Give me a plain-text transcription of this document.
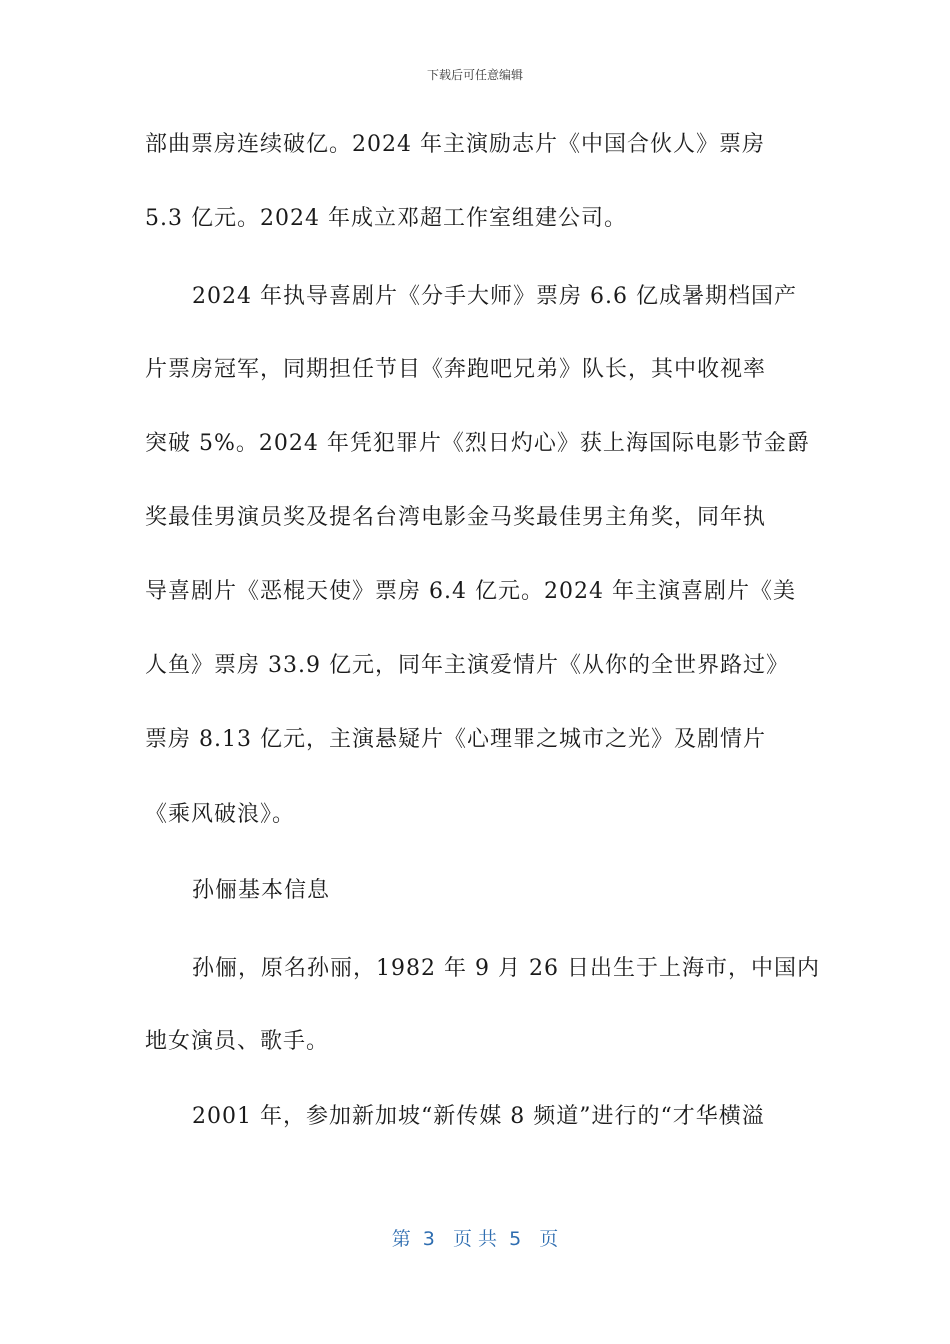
下载后可任意编辑
部曲票房连续破亿。2024 年主演励志片《中国合伙人》票房
5.3 亿元。2024 年成立邓超工作室组建公司。
2024 年执导喜剧片《分手大师》票房 6.6 亿成暑期档国产
片票房冠军，同期担任节目《奔跑吧兄弟》队长，其中收视率
突破 5%。2024 年凭犯罪片《烈日灼心》获上海国际电影节金爵
奖最佳男演员奖及提名台湾电影金马奖最佳男主角奖，同年执
导喜剧片《恶棍天使》票房 6.4 亿元。2024 年主演喜剧片《美
人鱼》票房 33.9 亿元，同年主演爱情片《从你的全世界路过》
票房 8.13 亿元，主演悬疑片《心理罪之城市之光》及剧情片
《乘风破浪》。
孙俪基本信息
孙俪，原名孙丽，1982 年 9 月 26 日出生于上海市，中国内
地女演员、歌手。
2001 年，参加新加坡“新传媒 8 频道”进行的“才华横溢
第  3   页 共  5   页
